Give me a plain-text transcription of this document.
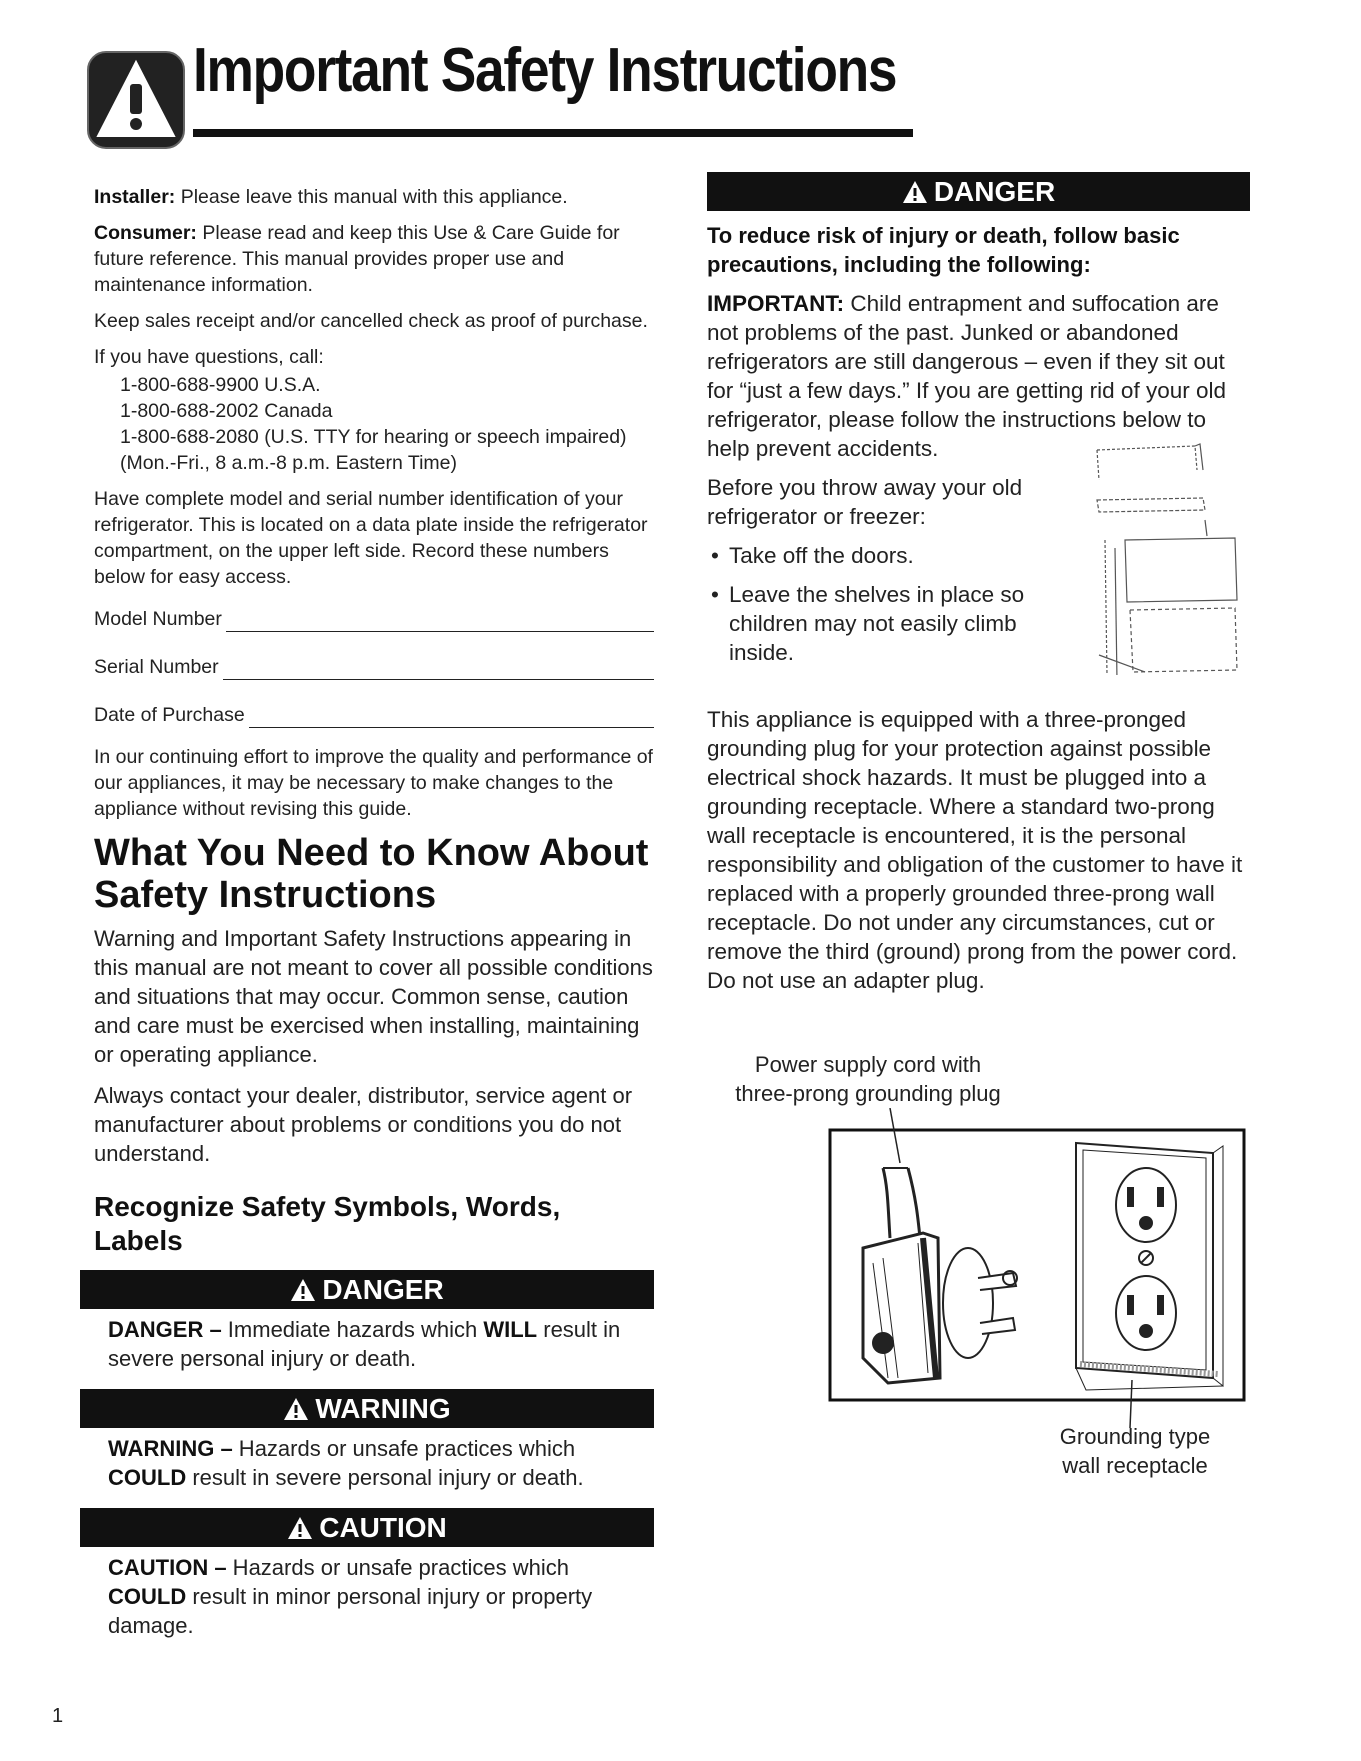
Important Safety Instructions

Installer: Please leave this manual with this appliance.

Consumer: Please read and keep this Use & Care Guide for future reference. This manual provides proper use and maintenance information.

Keep sales receipt and/or cancelled check as proof of purchase.

If you have questions, call:

1-800-688-9900 U.S.A.
1-800-688-2002 Canada
1-800-688-2080 (U.S. TTY for hearing or speech impaired) (Mon.-Fri., 8 a.m.-8 p.m. Eastern Time)

Have complete model and serial number identification of your refrigerator. This is located on a data plate inside the refrigerator compartment, on the upper left side. Record these numbers below for easy access.

Model Number
Serial Number
Date of Purchase

In our continuing effort to improve the quality and performance of our appliances, it may be necessary to make changes to the appliance without revising this guide.

What You Need to Know About
Safety Instructions

Warning and Important Safety Instructions appearing in this manual are not meant to cover all possible conditions and situations that may occur. Common sense, caution and care must be exercised when installing, maintaining or operating appliance.

Always contact your dealer, distributor, service agent or manufacturer about problems or conditions you do not understand.

Recognize Safety Symbols, Words,
Labels
DANGER
DANGER – Immediate hazards which WILL result in severe personal injury or death.
WARNING
WARNING – Hazards or unsafe practices which
COULD result in severe personal injury or death.
CAUTION
CAUTION – Hazards or unsafe practices which
COULD result in minor personal injury or property damage.
DANGER
To reduce risk of injury or death, follow basic precautions, including the following:
IMPORTANT: Child entrapment and suffocation are not problems of the past. Junked or abandoned refrigerators are still dangerous – even if they sit out for “just a few days.” If you are getting rid of your old refrigerator, please follow the instructions below to help prevent accidents.
Before you throw away your old refrigerator or freezer:
• Take off the doors.
• Leave the shelves in place so children may not easily climb inside.
This appliance is equipped with a three-pronged grounding plug for your protection against possible electrical shock hazards. It must be plugged into a grounding receptacle. Where a standard two-prong wall receptacle is encountered, it is the personal responsibility and obligation of the customer to have it replaced with a properly grounded three-prong wall receptacle. Do not under any circumstances, cut or remove the third (ground) prong from the power cord. Do not use an adapter plug.
Power supply cord with
three-prong grounding plug
Grounding type
wall receptacle
1
